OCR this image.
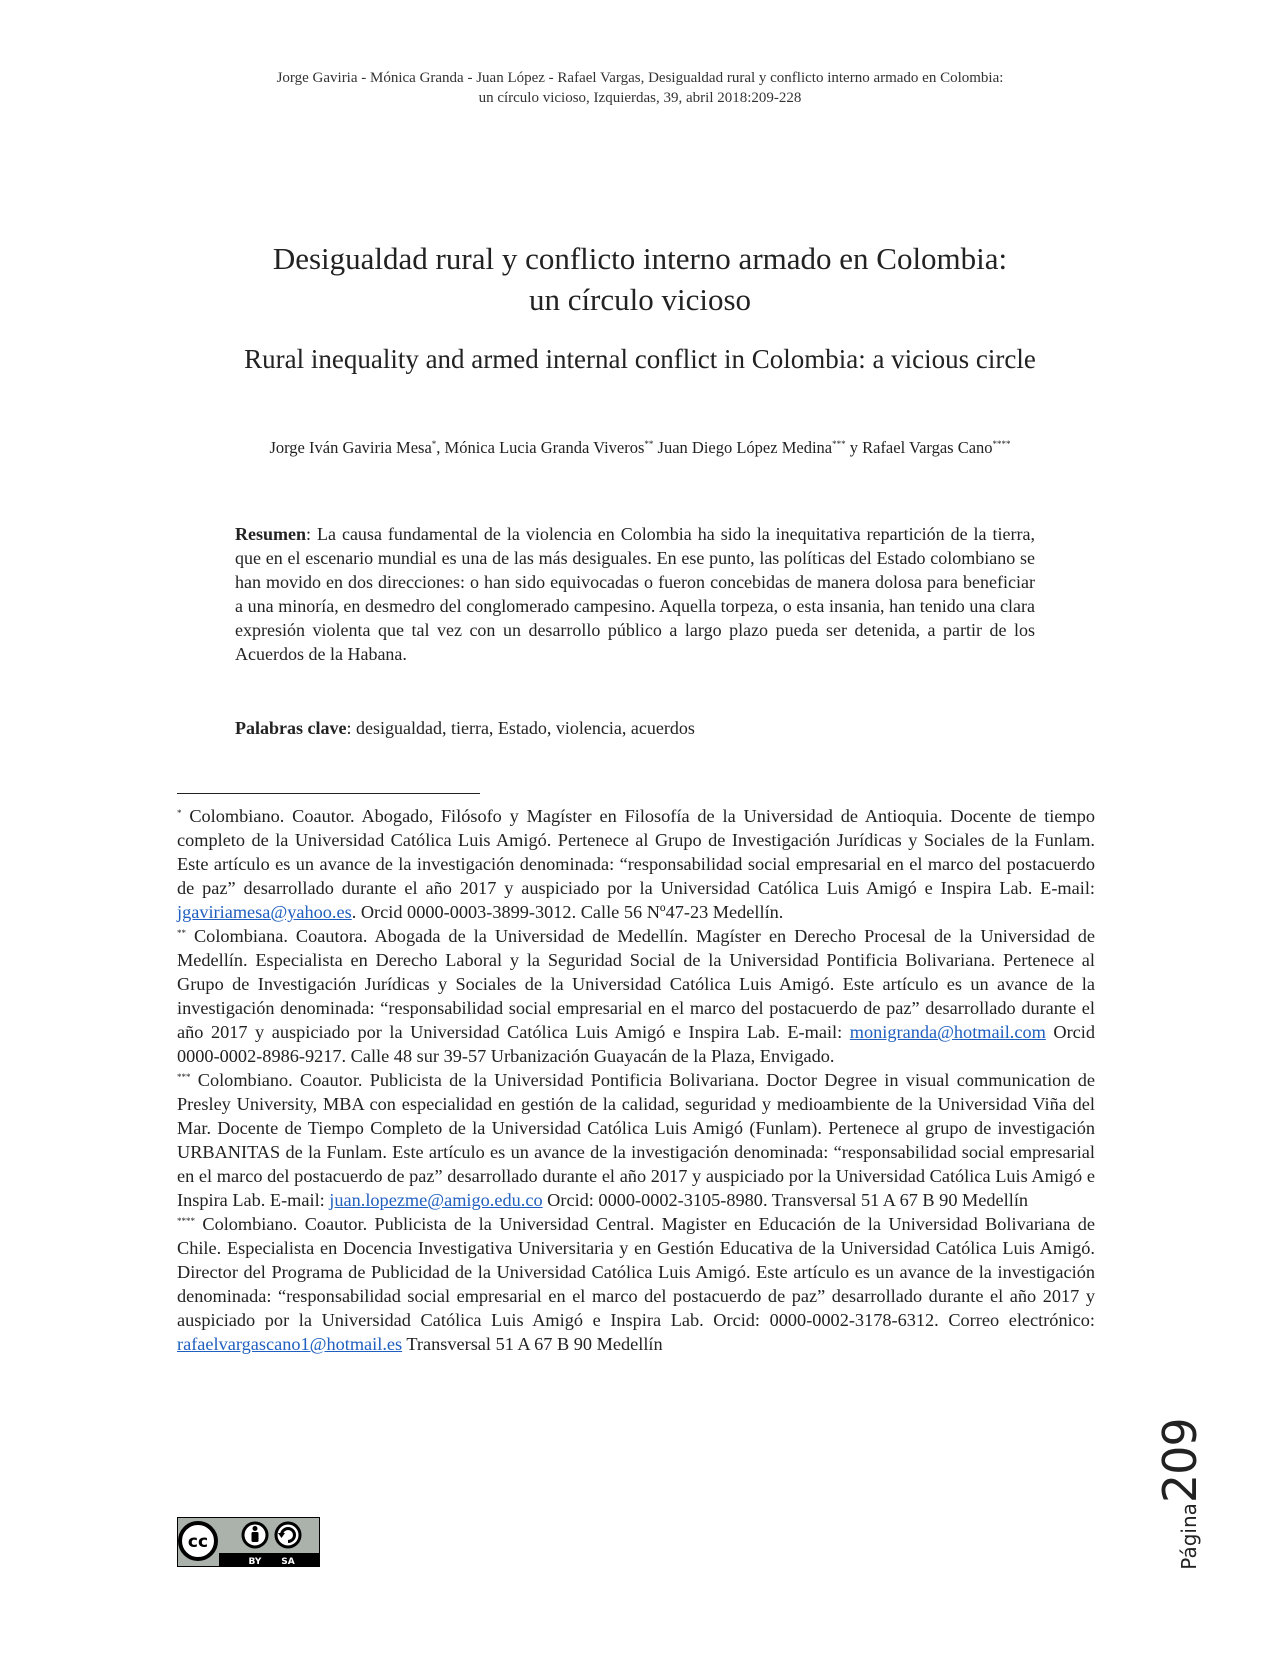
Jorge Gaviria - Mónica Granda - Juan López - Rafael Vargas, Desigualdad rural y conflicto interno armado en Colombia:
un círculo vicioso, Izquierdas, 39, abril 2018:209-228
Desigualdad rural y conflicto interno armado en Colombia:
un círculo vicioso
Rural inequality and armed internal conflict in Colombia: a vicious circle
Jorge Iván Gaviria Mesa*, Mónica Lucia Granda Viveros** Juan Diego López Medina*** y Rafael Vargas Cano****

Resumen: La causa fundamental de la violencia en Colombia ha sido la inequitativa repartición de la tierra, que en el escenario mundial es una de las más desiguales. En ese punto, las políticas del Estado colombiano se han movido en dos direcciones: o han sido equivocadas o fueron concebidas de manera dolosa para beneficiar a una minoría, en desmedro del conglomerado campesino. Aquella torpeza, o esta insania, han tenido una clara expresión violenta que tal vez con un desarrollo público a largo plazo pueda ser detenida, a partir de los Acuerdos de la Habana.

Palabras clave: desigualdad, tierra, Estado, violencia, acuerdos

* Colombiano. Coautor. Abogado, Filósofo y Magíster en Filosofía de la Universidad de Antioquia. Docente de tiempo completo de la Universidad Católica Luis Amigó. Pertenece al Grupo de Investigación Jurídicas y Sociales de la Funlam. Este artículo es un avance de la investigación denominada: “responsabilidad social empresarial en el marco del postacuerdo de paz” desarrollado durante el año 2017 y auspiciado por la Universidad Católica Luis Amigó e Inspira Lab. E-mail: jgaviriamesa@yahoo.es. Orcid 0000-0003-3899-3012. Calle 56 Nº47-23 Medellín.

** Colombiana. Coautora. Abogada de la Universidad de Medellín. Magíster en Derecho Procesal de la Universidad de Medellín. Especialista en Derecho Laboral y la Seguridad Social de la Universidad Pontificia Bolivariana. Pertenece al Grupo de Investigación Jurídicas y Sociales de la Universidad Católica Luis Amigó. Este artículo es un avance de la investigación denominada: “responsabilidad social empresarial en el marco del postacuerdo de paz” desarrollado durante el año 2017 y auspiciado por la Universidad Católica Luis Amigó e Inspira Lab. E-mail: monigranda@hotmail.com Orcid 0000-0002-8986-9217. Calle 48 sur 39-57 Urbanización Guayacán de la Plaza, Envigado.

*** Colombiano. Coautor. Publicista de la Universidad Pontificia Bolivariana. Doctor Degree in visual communication de Presley University, MBA con especialidad en gestión de la calidad, seguridad y medioambiente de la Universidad Viña del Mar. Docente de Tiempo Completo de la Universidad Católica Luis Amigó (Funlam). Pertenece al grupo de investigación URBANITAS de la Funlam. Este artículo es un avance de la investigación denominada: “responsabilidad social empresarial en el marco del postacuerdo de paz” desarrollado durante el año 2017 y auspiciado por la Universidad Católica Luis Amigó e Inspira Lab. E-mail: juan.lopezme@amigo.edu.co Orcid: 0000-0002-3105-8980. Transversal 51 A 67 B 90 Medellín

**** Colombiano. Coautor. Publicista de la Universidad Central. Magister en Educación de la Universidad Bolivariana de Chile. Especialista en Docencia Investigativa Universitaria y en Gestión Educativa de la Universidad Católica Luis Amigó. Director del Programa de Publicidad de la Universidad Católica Luis Amigó. Este artículo es un avance de la investigación denominada: “responsabilidad social empresarial en el marco del postacuerdo de paz” desarrollado durante el año 2017 y auspiciado por la Universidad Católica Luis Amigó e Inspira Lab. Orcid: 0000-0002-3178-6312. Correo electrónico: rafaelvargascano1@hotmail.es Transversal 51 A 67 B 90 Medellín

Página209
cc
BY SA
